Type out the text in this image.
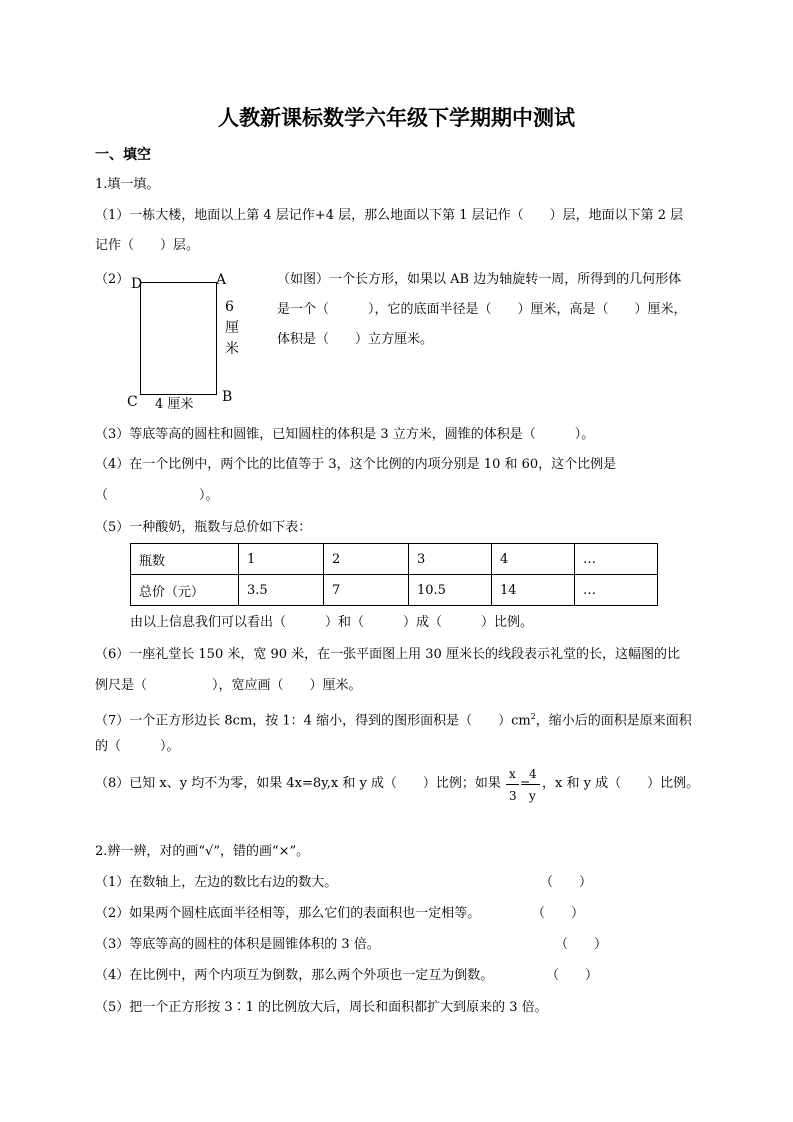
人教新课标数学六年级下学期期中测试
一、填空
1.填一填。
（1）一栋大楼，地面以上第 4 层记作+4 层，那么地面以下第 1 层记作（　　）层，地面以下第 2 层
记作（　　）层。
（2） D	A
C	B
6
厘
米
4 厘米
（如图）一个长方形，如果以 AB 边为轴旋转一周，所得到的几何形体
是一个（　　　），它的底面半径是（　　）厘米，高是（　　）厘米，
体积是（　　）立方厘米。
（3）等底等高的圆柱和圆锥，已知圆柱的体积是 3 立方米，圆锥的体积是（　　　）。
（4）在一个比例中，两个比的比值等于 3，这个比例的内项分别是 10 和 60，这个比例是
（　　　　　　　）。
（5）一种酸奶，瓶数与总价如下表：
瓶数	1	2	3	4	…
总价（元）	3.5	7	10.5	14	…
由以上信息我们可以看出（　　　）和（　　　）成（　　　）比例。
（6）一座礼堂长 150 米，宽 90 米，在一张平面图上用 30 厘米长的线段表示礼堂的长，这幅图的比
例尺是（　　　　　），宽应画（　　）厘米。
（7）一个正方形边长 8cm，按 1：4 缩小，得到的图形面积是（　　）$cm^2$，缩小后的面积是原来面积
的（　　　）。
（8）已知 x、y 均不为零，如果 4x=8y,x 和 y 成（　　）比例；如果
x
3
=
4
y
，x 和 y 成（　　）比例。
2.辨一辨，对的画“√”，错的画“×”。
（1）在数轴上，左边的数比右边的数大。	（　　）
（2）如果两个圆柱底面半径相等，那么它们的表面积也一定相等。	（　　）
（3）等底等高的圆柱的体积是圆锥体积的 3 倍。	（　　）
（4）在比例中，两个内项互为倒数，那么两个外项也一定互为倒数。	（　　）
（5）把一个正方形按 3∶1 的比例放大后，周长和面积都扩大到原来的 3 倍。
